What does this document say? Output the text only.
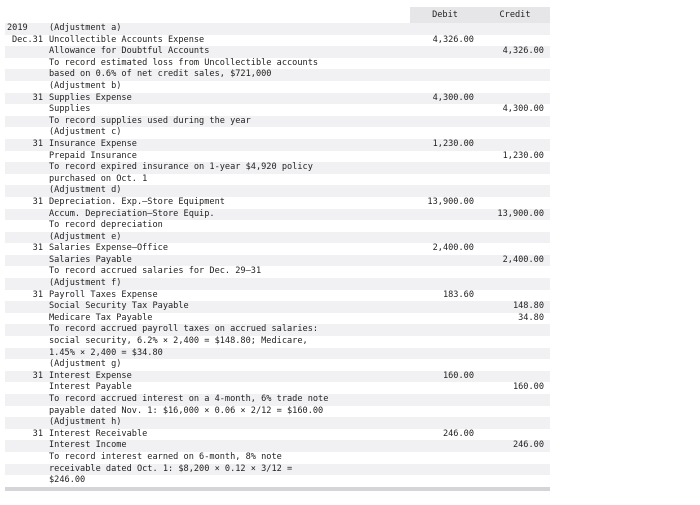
		Debit	Credit
2019	(Adjustment a)		
Dec.31	Uncollectible Accounts Expense	4,326.00	
	Allowance for Doubtful Accounts		4,326.00
	To record estimated loss from Uncollectible accounts		
	based on 0.6% of net credit sales, $721,000		
	(Adjustment b)		
31	Supplies Expense	4,300.00	
	Supplies		4,300.00
	To record supplies used during the year		
	(Adjustment c)		
31	Insurance Expense	1,230.00	
	Prepaid Insurance		1,230.00
	To record expired insurance on 1-year $4,920 policy		
	purchased on Oct. 1		
	(Adjustment d)		
31	Depreciation. Exp.—Store Equipment	13,900.00	
	Accum. Depreciation—Store Equip.		13,900.00
	To record depreciation		
	(Adjustment e)		
31	Salaries Expense—Office	2,400.00	
	Salaries Payable		2,400.00
	To record accrued salaries for Dec. 29–31		
	(Adjustment f)		
31	Payroll Taxes Expense	183.60	
	Social Security Tax Payable		148.80
	Medicare Tax Payable		34.80
	To record accrued payroll taxes on accrued salaries:		
	social security, 6.2% × 2,400 = $148.80; Medicare,		
	1.45% × 2,400 = $34.80		
	(Adjustment g)		
31	Interest Expense	160.00	
	Interest Payable		160.00
	To record accrued interest on a 4-month, 6% trade note		
	payable dated Nov. 1: $16,000 × 0.06 × 2/12 = $160.00		
	(Adjustment h)		
31	Interest Receivable	246.00	
	Interest Income		246.00
	To record interest earned on 6-month, 8% note		
	receivable dated Oct. 1: $8,200 × 0.12 × 3/12 =		
	$246.00		
